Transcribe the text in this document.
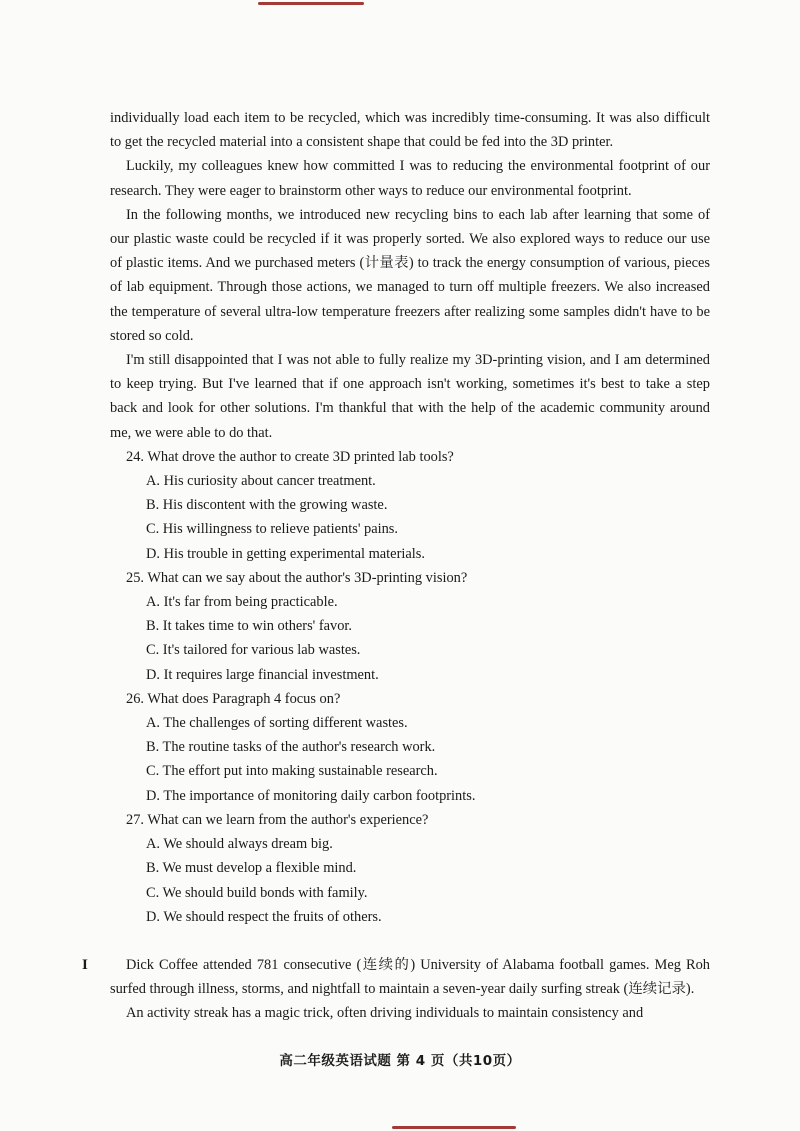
individually load each item to be recycled, which was incredibly time-consuming. It was also difficult to get the recycled material into a consistent shape that could be fed into the 3D printer.

Luckily, my colleagues knew how committed I was to reducing the environmental footprint of our research. They were eager to brainstorm other ways to reduce our environmental footprint.

In the following months, we introduced new recycling bins to each lab after learning that some of our plastic waste could be recycled if it was properly sorted. We also explored ways to reduce our use of plastic items. And we purchased meters (计量表) to track the energy consumption of various, pieces of lab equipment. Through those actions, we managed to turn off multiple freezers. We also increased the temperature of several ultra-low temperature freezers after realizing some samples didn't have to be stored so cold.

I'm still disappointed that I was not able to fully realize my 3D-printing vision, and I am determined to keep trying. But I've learned that if one approach isn't working, sometimes it's best to take a step back and look for other solutions. I'm thankful that with the help of the academic community around me, we were able to do that.

24. What drove the author to create 3D printed lab tools?

A. His curiosity about cancer treatment.

B. His discontent with the growing waste.

C. His willingness to relieve patients' pains.

D. His trouble in getting experimental materials.

25. What can we say about the author's 3D-printing vision?

A. It's far from being practicable.

B. It takes time to win others' favor.

C. It's tailored for various lab wastes.

D. It requires large financial investment.

26. What does Paragraph 4 focus on?

A. The challenges of sorting different wastes.

B. The routine tasks of the author's research work.

C. The effort put into making sustainable research.

D. The importance of monitoring daily carbon footprints.

27. What can we learn from the author's experience?

A. We should always dream big.

B. We must develop a flexible mind.

C. We should build bonds with family.

D. We should respect the fruits of others.

I	Dick Coffee attended 781 consecutive (连续的) University of Alabama football games. Meg Roh surfed through illness, storms, and nightfall to maintain a seven-year daily surfing streak (连续记录).

An activity streak has a magic trick, often driving individuals to maintain consistency and

高二年级英语试题 第 4 页（共10页）
